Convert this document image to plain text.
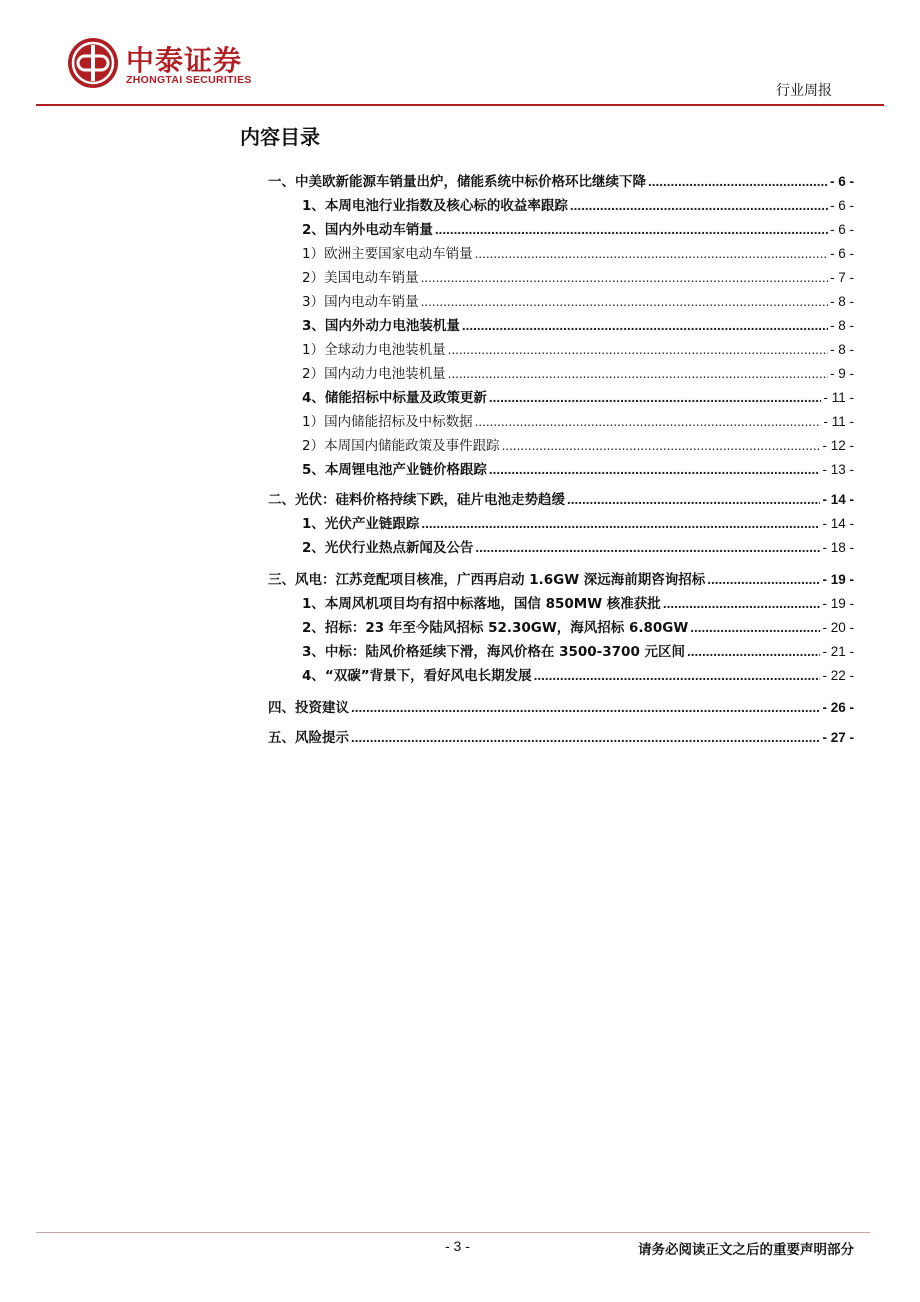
中泰证券
ZHONGTAI SECURITIES
行业周报
内容目录
一、中美欧新能源车销量出炉，储能系统中标价格环比继续下降 .....	- 6 -
1、本周电池行业指数及核心标的收益率跟踪 .....	- 6 -
2、国内外电动车销量 .....	- 6 -
1）欧洲主要国家电动车销量 .....	- 6 -
2）美国电动车销量 .....	- 7 -
3）国内电动车销量 .....	- 8 -
3、国内外动力电池装机量 .....	- 8 -
1）全球动力电池装机量 .....	- 8 -
2）国内动力电池装机量 .....	- 9 -
4、储能招标中标量及政策更新 .....	- 11 -
1）国内储能招标及中标数据 .....	- 11 -
2）本周国内储能政策及事件跟踪 .....	- 12 -
5、本周锂电池产业链价格跟踪 .....	- 13 -
二、光伏：硅料价格持续下跌，硅片电池走势趋缓 .....	- 14 -
1、光伏产业链跟踪 .....	- 14 -
2、光伏行业热点新闻及公告 .....	- 18 -
三、风电：江苏竞配项目核准，广西再启动 1.6GW 深远海前期咨询招标 .....	- 19 -
1、本周风机项目均有招中标落地，国信 850MW 核准获批 .....	- 19 -
2、招标：23 年至今陆风招标 52.30GW，海风招标 6.80GW .....	- 20 -
3、中标：陆风价格延续下滑，海风价格在 3500-3700 元区间 .....	- 21 -
4、“双碳”背景下，看好风电长期发展 .....	- 22 -
四、投资建议 .....	- 26 -
五、风险提示 .....	- 27 -
- 3 -	请务必阅读正文之后的重要声明部分
